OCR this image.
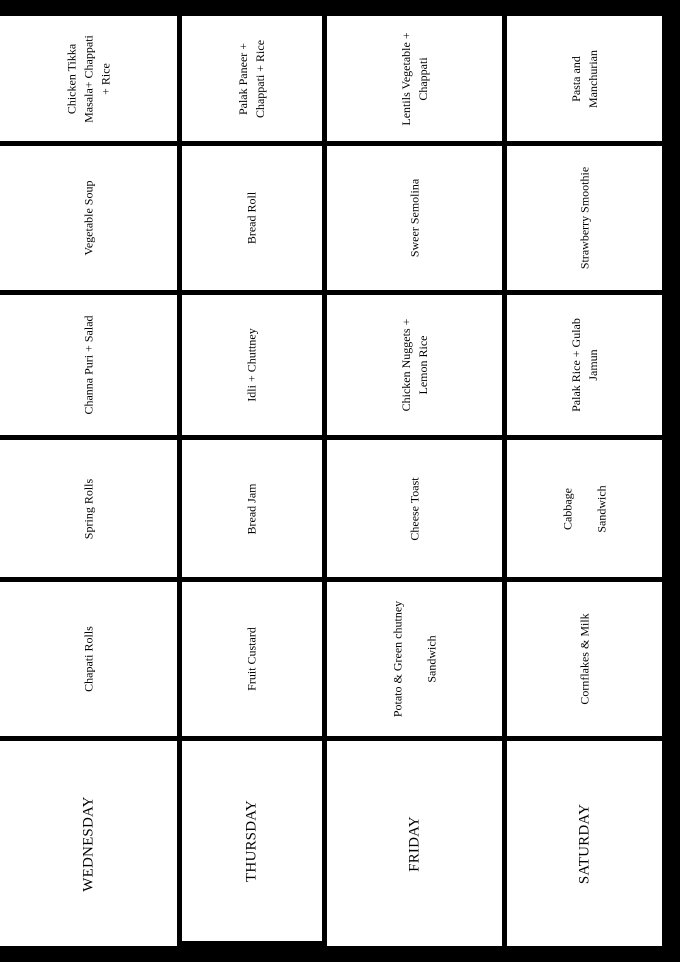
Chicken Tikka
Masala+ Chappati
+ Rice
Vegetable Soup
Channa Puri + Salad
Spring Rolls
Chapati Rolls
WEDNESDAY
Palak Paneer +
Chappati + Rice
Bread Roll
Idli + Chuttney
Bread Jam
Fruit Custard
THURSDAY
Lentils Vegetable +
Chappati
Sweer Semolina
Chicken Nuggets +
Lemon Rice
Cheese Toast
Potato & Green chutney

Sandwich
FRIDAY
Pasta and
Manchurian
Strawberry Smoothie
Palak Rice + Gulab
Jamun
Cabbage

Sandwich
Cornflakes & Milk
SATURDAY
